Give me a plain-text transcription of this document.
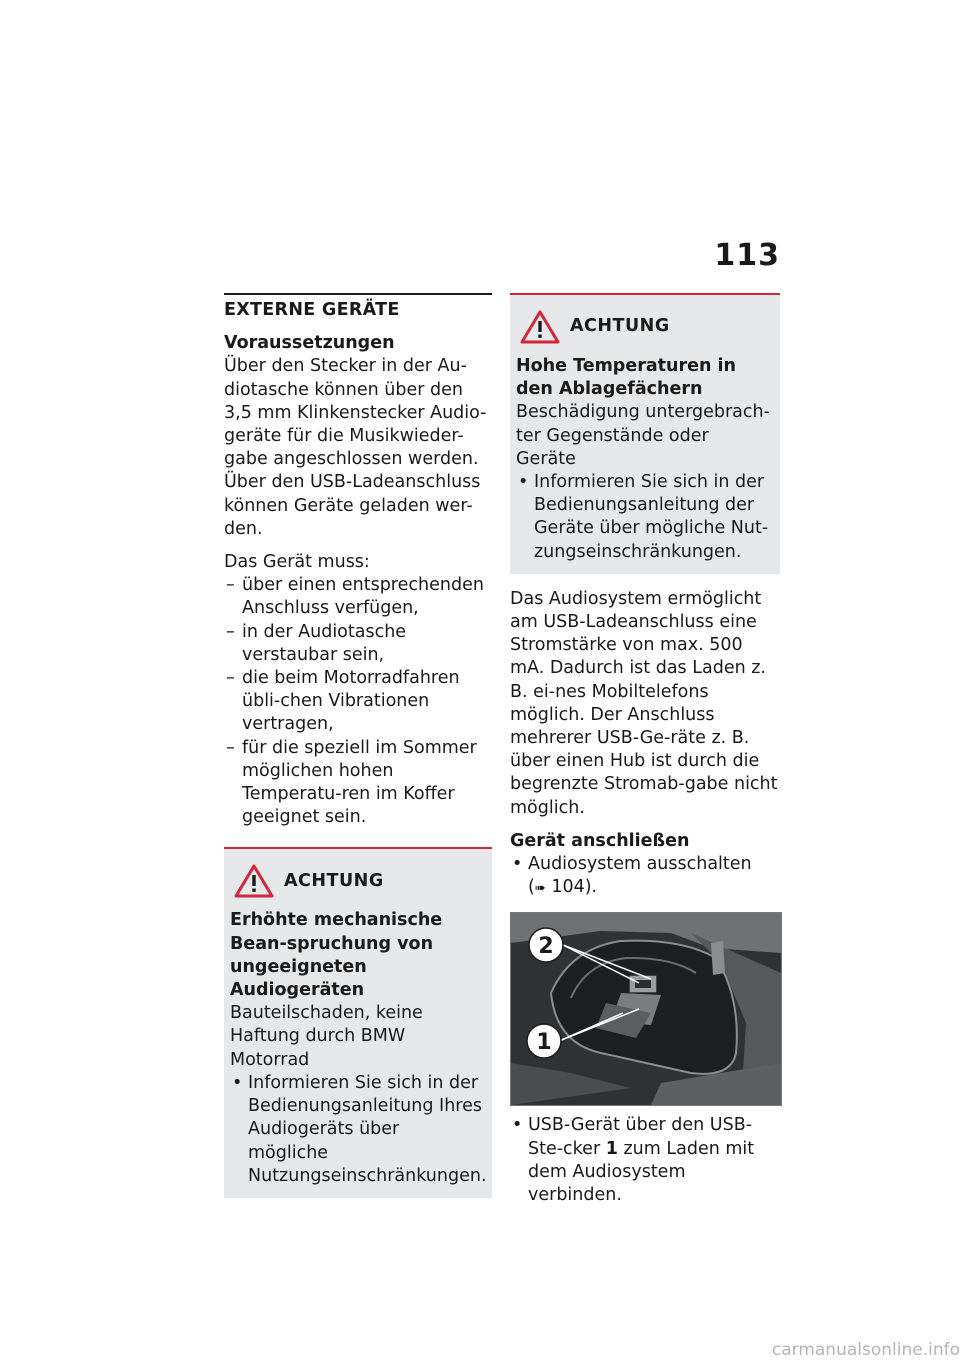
113
EXTERNE GERÄTE
Voraussetzungen

Über den Stecker in der Au-diotasche können über den 3,5 mm Klinkenstecker Audio-geräte für die Musikwieder-gabe angeschlossen werden. Über den USB-Ladeanschluss können Geräte geladen wer-den.

Das Gerät muss:

– über einen entsprechenden Anschluss verfügen,
– in der Audiotasche verstaubar sein,
– die beim Motorradfahren übli-chen Vibrationen vertragen,
– für die speziell im Sommer möglichen hohen Temperatu-ren im Koffer geeignet sein.
ACHTUNG
Erhöhte mechanische Bean-spruchung von ungeeigneten Audiogeräten

Bauteilschaden, keine Haftung durch BMW Motorrad

• Informieren Sie sich in der Bedienungsanleitung Ihres Audiogeräts über mögliche Nutzungseinschränkungen.
ACHTUNG
Hohe Temperaturen in den Ablagefächern

Beschädigung untergebrach-ter Gegenstände oder Geräte

• Informieren Sie sich in der Bedienungsanleitung der Geräte über mögliche Nut-zungseinschränkungen.

Das Audiosystem ermöglicht am USB-Ladeanschluss eine Stromstärke von max. 500 mA. Dadurch ist das Laden z. B. ei-nes Mobiltelefons möglich. Der Anschluss mehrerer USB-Ge-räte z. B. über einen Hub ist durch die begrenzte Stromab-gabe nicht möglich.

Gerät anschließen
• Audiosystem ausschalten
(➠ 104).
2
1
• USB-Gerät über den USB-Ste-cker 1 zum Laden mit dem Audiosystem verbinden.
carmanualsonline.info
